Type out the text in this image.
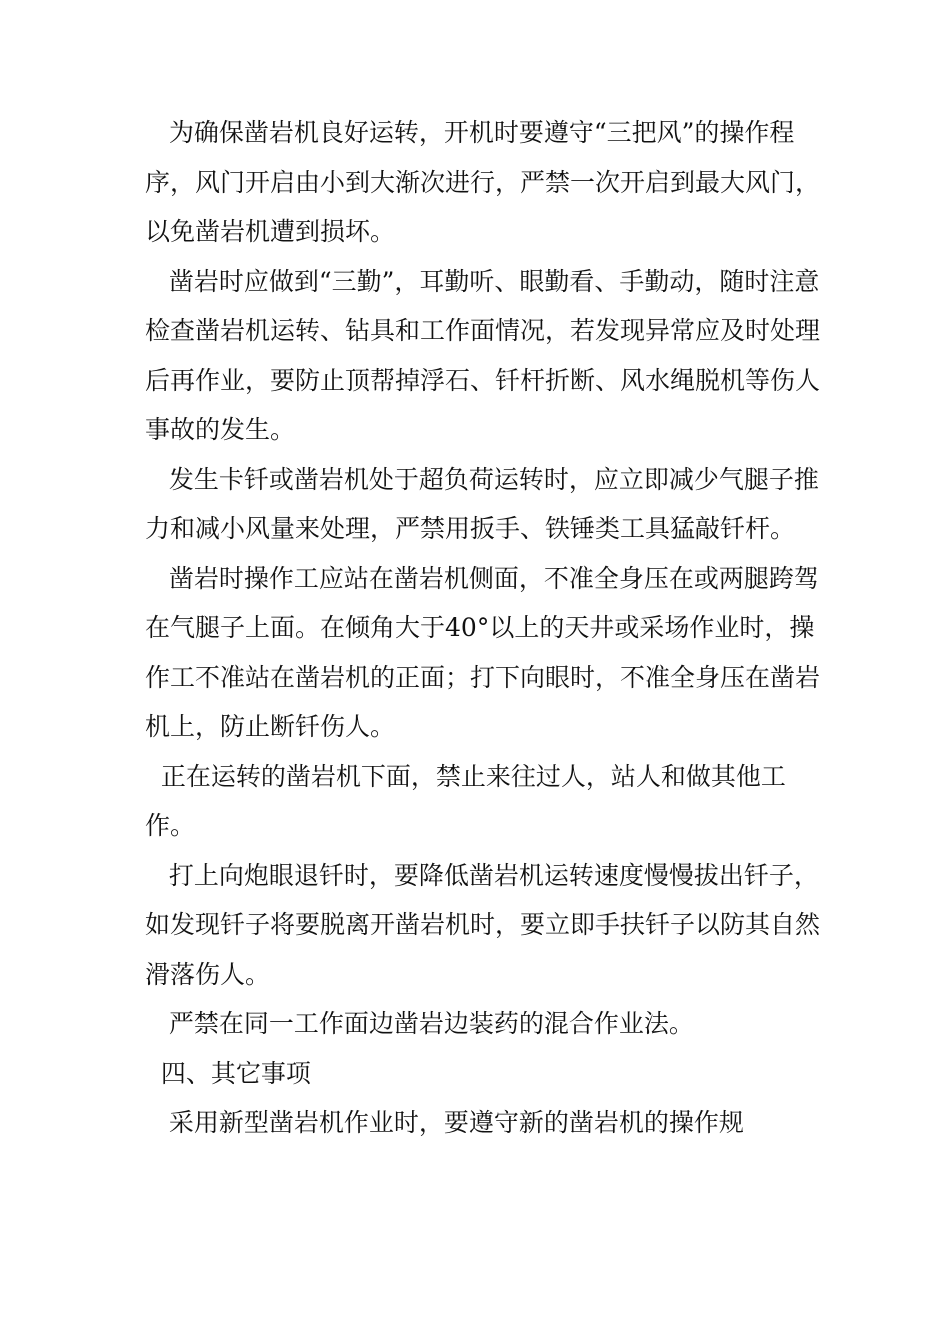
为确保凿岩机良好运转，开机时要遵守“三把风”的操作程序，风门开启由小到大渐次进行，严禁一次开启到最大风门，以免凿岩机遭到损坏。

凿岩时应做到“三勤”，耳勤听、眼勤看、手勤动，随时注意检查凿岩机运转、钻具和工作面情况，若发现异常应及时处理后再作业，要防止顶帮掉浮石、钎杆折断、风水绳脱机等伤人事故的发生。

发生卡钎或凿岩机处于超负荷运转时，应立即减少气腿子推力和减小风量来处理，严禁用扳手、铁锤类工具猛敲钎杆。

凿岩时操作工应站在凿岩机侧面，不准全身压在或两腿跨驾在气腿子上面。在倾角大于40°以上的天井或采场作业时，操作工不准站在凿岩机的正面；打下向眼时，不准全身压在凿岩机上，防止断钎伤人。

正在运转的凿岩机下面，禁止来往过人，站人和做其他工作。

打上向炮眼退钎时，要降低凿岩机运转速度慢慢拔出钎子，如发现钎子将要脱离开凿岩机时，要立即手扶钎子以防其自然滑落伤人。

严禁在同一工作面边凿岩边装药的混合作业法。

四、其它事项

采用新型凿岩机作业时，要遵守新的凿岩机的操作规
